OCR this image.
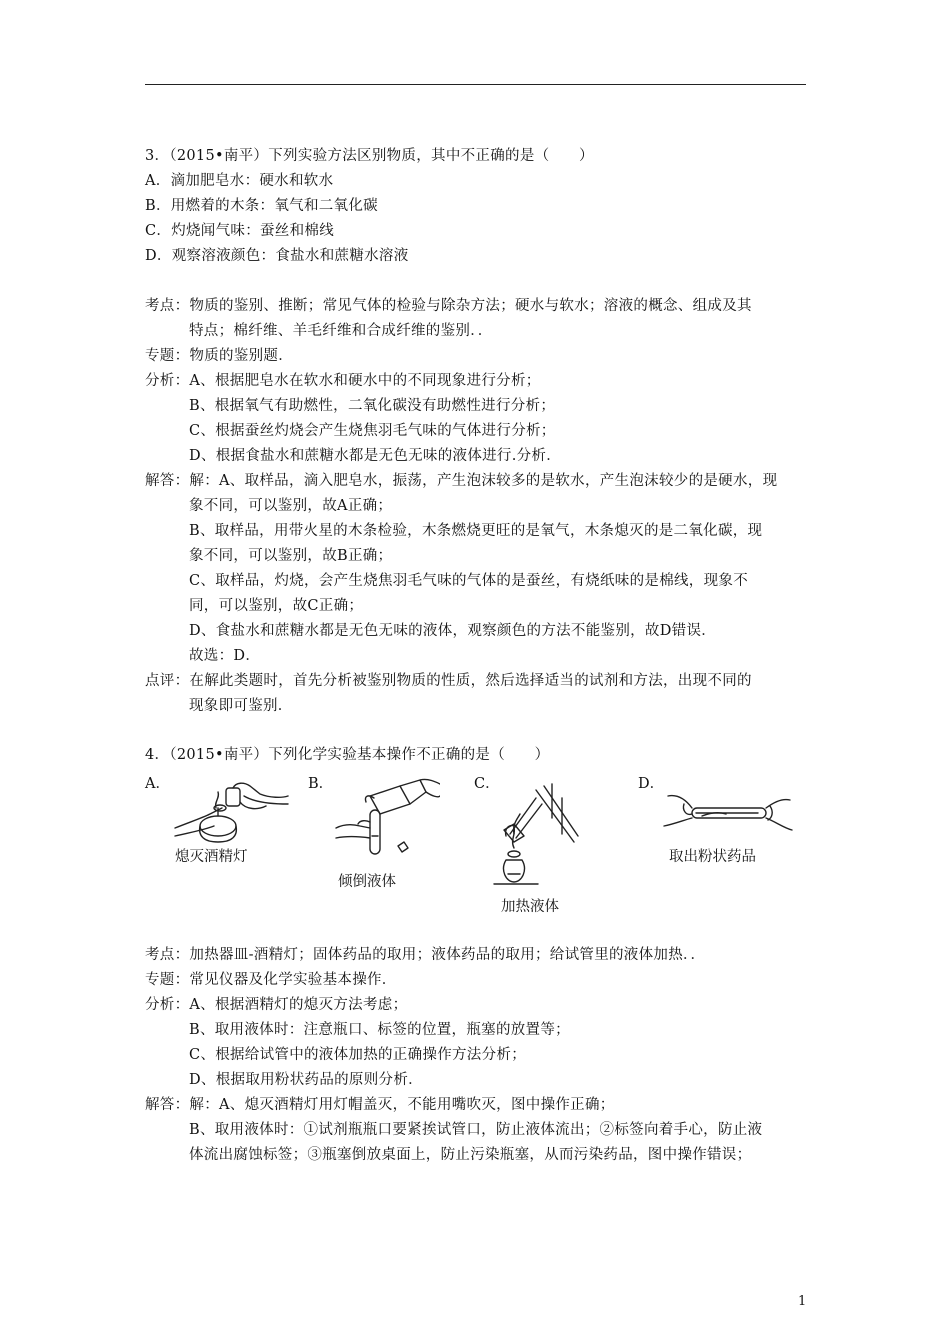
3．（2015•南平）下列实验方法区别物质，其中不正确的是（　　）
A．滴加肥皂水：硬水和软水
B．用燃着的木条：氧气和二氧化碳
C．灼烧闻气味：蚕丝和棉线
D．观察溶液颜色：食盐水和蔗糖水溶液
考点：物质的鉴别、推断；常见气体的检验与除杂方法；硬水与软水；溶液的概念、组成及其
特点；棉纤维、羊毛纤维和合成纤维的鉴别．．
专题：物质的鉴别题．
分析：A、根据肥皂水在软水和硬水中的不同现象进行分析；
B、根据氧气有助燃性，二氧化碳没有助燃性进行分析；
C、根据蚕丝灼烧会产生烧焦羽毛气味的气体进行分析；
D、根据食盐水和蔗糖水都是无色无味的液体进行.分析．
解答：解：A、取样品，滴入肥皂水，振荡，产生泡沫较多的是软水，产生泡沫较少的是硬水，现
象不同，可以鉴别，故A正确；
B、取样品，用带火星的木条检验，木条燃烧更旺的是氧气，木条熄灭的是二氧化碳，现
象不同，可以鉴别，故B正确；
C、取样品，灼烧，会产生烧焦羽毛气味的气体的是蚕丝，有烧纸味的是棉线，现象不
同，可以鉴别，故C正确；
D、食盐水和蔗糖水都是无色无味的液体，观察颜色的方法不能鉴别，故D错误．
故选：D．
点评：在解此类题时，首先分析被鉴别物质的性质，然后选择适当的试剂和方法，出现不同的
现象即可鉴别．
4．（2015•南平）下列化学实验基本操作不正确的是（　　）
A．	B．	C．	D．
熄灭酒精灯
倾倒液体
加热液体
取出粉状药品
考点：加热器皿-酒精灯；固体药品的取用；液体药品的取用；给试管里的液体加热．．
专题：常见仪器及化学实验基本操作．
分析：A、根据酒精灯的熄灭方法考虑；
B、取用液体时：注意瓶口、标签的位置，瓶塞的放置等；
C、根据给试管中的液体加热的正确操作方法分析；
D、根据取用粉状药品的原则分析．
解答：解：A、熄灭酒精灯用灯帽盖灭，不能用嘴吹灭，图中操作正确；
B、取用液体时：①试剂瓶瓶口要紧挨试管口，防止液体流出；②标签向着手心，防止液
体流出腐蚀标签；③瓶塞倒放桌面上，防止污染瓶塞，从而污染药品，图中操作错误；
1
